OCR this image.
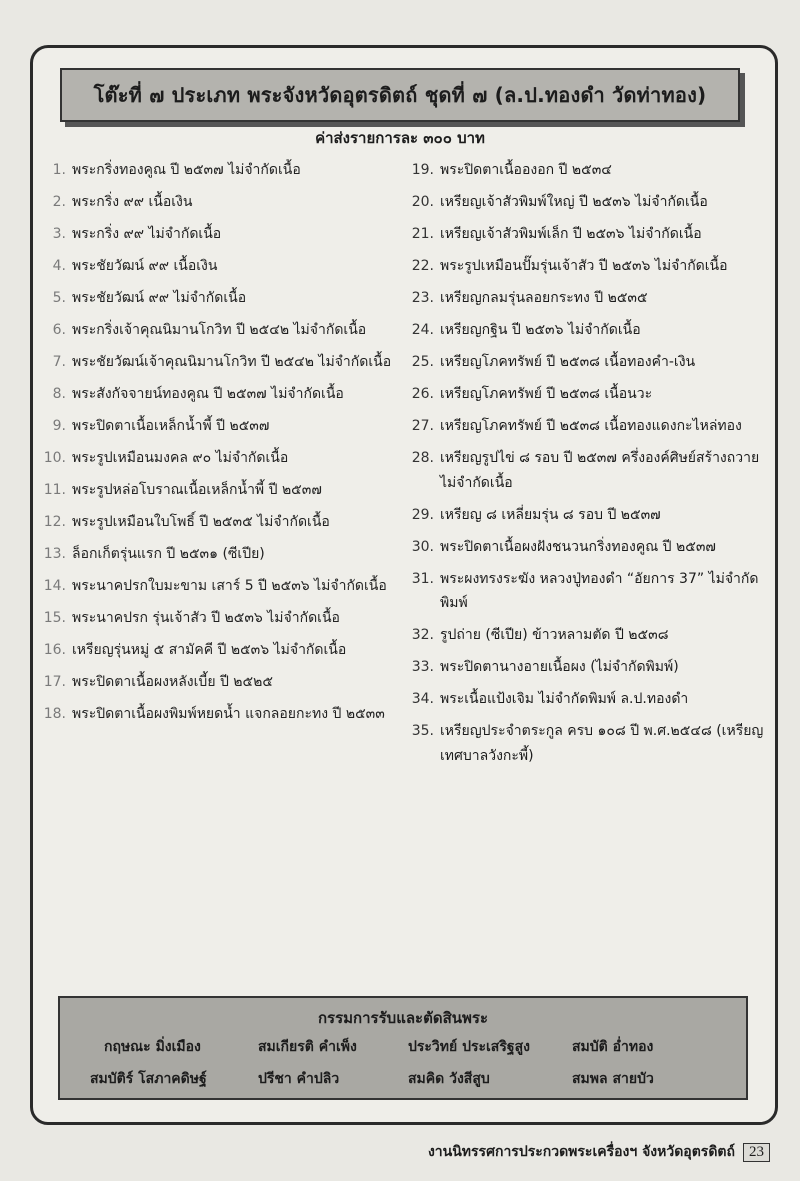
โต๊ะที่ ๗ ประเภท พระจังหวัดอุตรดิตถ์ ชุดที่ ๗ (ล.ป.ทองดำ วัดท่าทอง)
ค่าส่งรายการละ ๓๐๐ บาท
1. พระกริ่งทองคูณ ปี ๒๕๓๗ ไม่จำกัดเนื้อ
2. พระกริ่ง ๙๙ เนื้อเงิน
3. พระกริ่ง ๙๙ ไม่จำกัดเนื้อ
4. พระชัยวัฒน์ ๙๙ เนื้อเงิน
5. พระชัยวัฒน์ ๙๙ ไม่จำกัดเนื้อ
6. พระกริ่งเจ้าคุณนิมานโกวิท ปี ๒๕๔๒ ไม่จำกัดเนื้อ
7. พระชัยวัฒน์เจ้าคุณนิมานโกวิท ปี ๒๕๔๒ ไม่จำกัดเนื้อ
8. พระสังกัจจายน์ทองคูณ ปี ๒๕๓๗ ไม่จำกัดเนื้อ
9. พระปิดตาเนื้อเหล็กน้ำพี้ ปี ๒๕๓๗
10. พระรูปเหมือนมงคล ๙๐ ไม่จำกัดเนื้อ
11. พระรูปหล่อโบราณเนื้อเหล็กน้ำพี้ ปี ๒๕๓๗
12. พระรูปเหมือนใบโพธิ์ ปี ๒๕๓๕ ไม่จำกัดเนื้อ
13. ล็อกเก็ตรุ่นแรก ปี ๒๕๓๑ (ซีเปีย)
14. พระนาคปรกใบมะขาม เสาร์ 5 ปี ๒๕๓๖ ไม่จำกัดเนื้อ
15. พระนาคปรก รุ่นเจ้าสัว ปี ๒๕๓๖ ไม่จำกัดเนื้อ
16. เหรียญรุ่นหมู่ ๕ สามัคคี ปี ๒๕๓๖ ไม่จำกัดเนื้อ
17. พระปิดตาเนื้อผงหลังเบี้ย ปี ๒๕๒๕
18. พระปิดตาเนื้อผงพิมพ์หยดน้ำ แจกลอยกะทง ปี ๒๕๓๓
19. พระปิดตาเนื้อองอก ปี ๒๕๓๔
20. เหรียญเจ้าสัวพิมพ์ใหญ่ ปี ๒๕๓๖ ไม่จำกัดเนื้อ
21. เหรียญเจ้าสัวพิมพ์เล็ก ปี ๒๕๓๖ ไม่จำกัดเนื้อ
22. พระรูปเหมือนปั๊มรุ่นเจ้าสัว ปี ๒๕๓๖ ไม่จำกัดเนื้อ
23. เหรียญกลมรุ่นลอยกระทง ปี ๒๕๓๕
24. เหรียญกฐิน ปี ๒๕๓๖ ไม่จำกัดเนื้อ
25. เหรียญโภคทรัพย์ ปี ๒๕๓๘ เนื้อทองคำ-เงิน
26. เหรียญโภคทรัพย์ ปี ๒๕๓๘ เนื้อนวะ
27. เหรียญโภคทรัพย์ ปี ๒๕๓๘ เนื้อทองแดงกะไหล่ทอง
28. เหรียญรูปไข่ ๘ รอบ ปี ๒๕๓๗ ครึ่งองค์ศิษย์สร้างถวาย ไม่จำกัดเนื้อ
29. เหรียญ ๘ เหลี่ยมรุ่น ๘ รอบ ปี ๒๕๓๗
30. พระปิดตาเนื้อผงฝังชนวนกริ่งทองคูณ ปี ๒๕๓๗
31. พระผงทรงระฆัง หลวงปู่ทองดำ “อัยการ 37” ไม่จำกัดพิมพ์
32. รูปถ่าย (ซีเปีย) ข้าวหลามตัด ปี ๒๕๓๘
33. พระปิดตานางอายเนื้อผง (ไม่จำกัดพิมพ์)
34. พระเนื้อแป้งเจิม ไม่จำกัดพิมพ์ ล.ป.ทองดำ
35. เหรียญประจำตระกูล ครบ ๑๐๘ ปี พ.ศ.๒๕๔๘ (เหรียญเทศบาลวังกะพี้)
กรรมการรับและตัดสินพระ
กฤษณะ มิ่งเมือง	สมเกียรติ คำเพ็ง	ประวิทย์ ประเสริฐสูง	สมบัติ อ่ำทอง
สมบัติร์ โสภาคดิษฐ์	ปรีชา คำปลิว	สมคิด วังสีสูบ	สมพล สายบัว
งานนิทรรศการประกวดพระเครื่องฯ จังหวัดอุตรดิตถ์ 23
